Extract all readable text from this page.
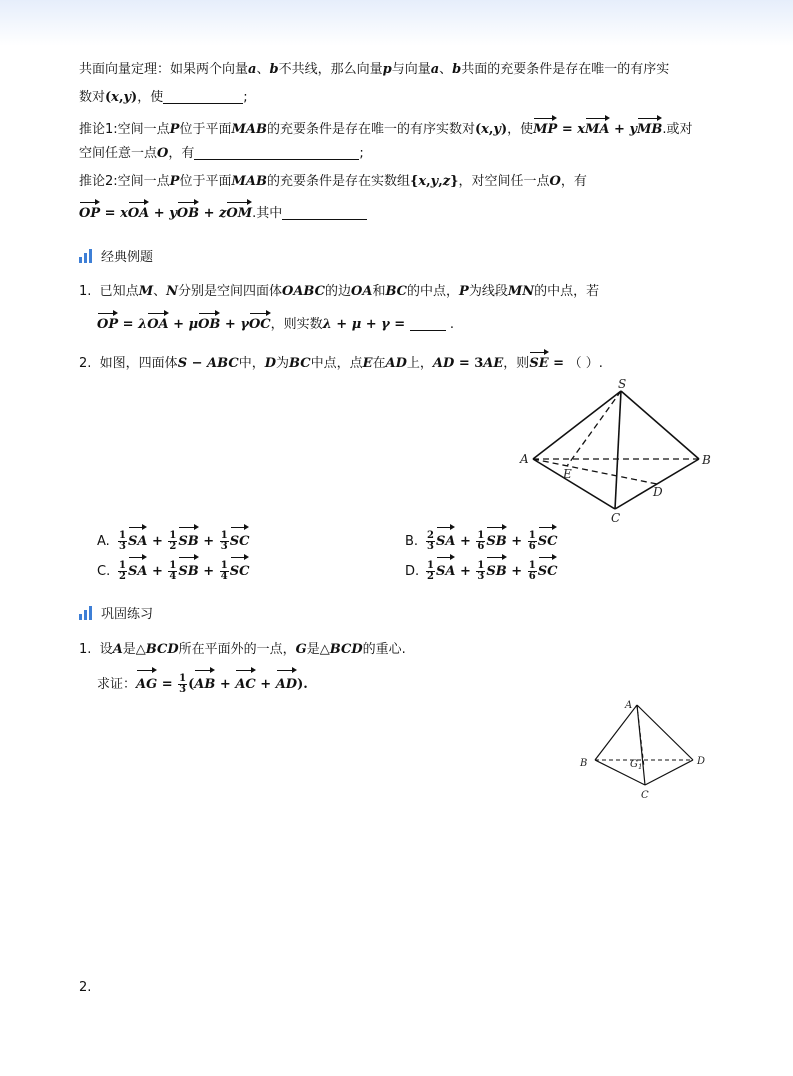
共面向量定理：如果两个向量a、b不共线，那么向量p与向量a、b共面的充要条件是存在唯一的有序实
数对(x,y)，使	;
推论1:空间一点P位于平面MAB的充要条件是存在唯一的有序实数对(x,y)，使MP = xMA + yMB.或对
空间任意一点O，有	;
推论2:空间一点P位于平面MAB的充要条件是存在实数组{x,y,z}，对空间任一点O，有
OP = xOA + yOB + zOM.其中
经典例题
1. 已知点M、N分别是空间四面体OABC的边OA和BC的中点，P为线段MN的中点，若
OP = λOA + μOB + γOC，则实数λ + μ + γ =	.
2. 如图，四面体S − ABC中，D为BC中点，点E在AD上，AD = 3AE，则SE = （ ）.
S
A	B
E
D
C
A. $\frac{1}{3}$ SA + $\frac{1}{2}$ SB + $\frac{1}{3}$ SC	B. $\frac{2}{3}$ SA + $\frac{1}{6}$ SB + $\frac{1}{6}$ SC
C. $\frac{1}{2}$ SA + $\frac{1}{4}$ SB + $\frac{1}{4}$ SC	D. $\frac{1}{2}$ SA + $\frac{1}{3}$ SB + $\frac{1}{6}$ SC
巩固练习
1. 设A是△BCD所在平面外的一点，G是△BCD的重心.
求证：AG = $\frac{1}{3} (AB$ + AC + AD).
A
B	G 1	D
C
2.
